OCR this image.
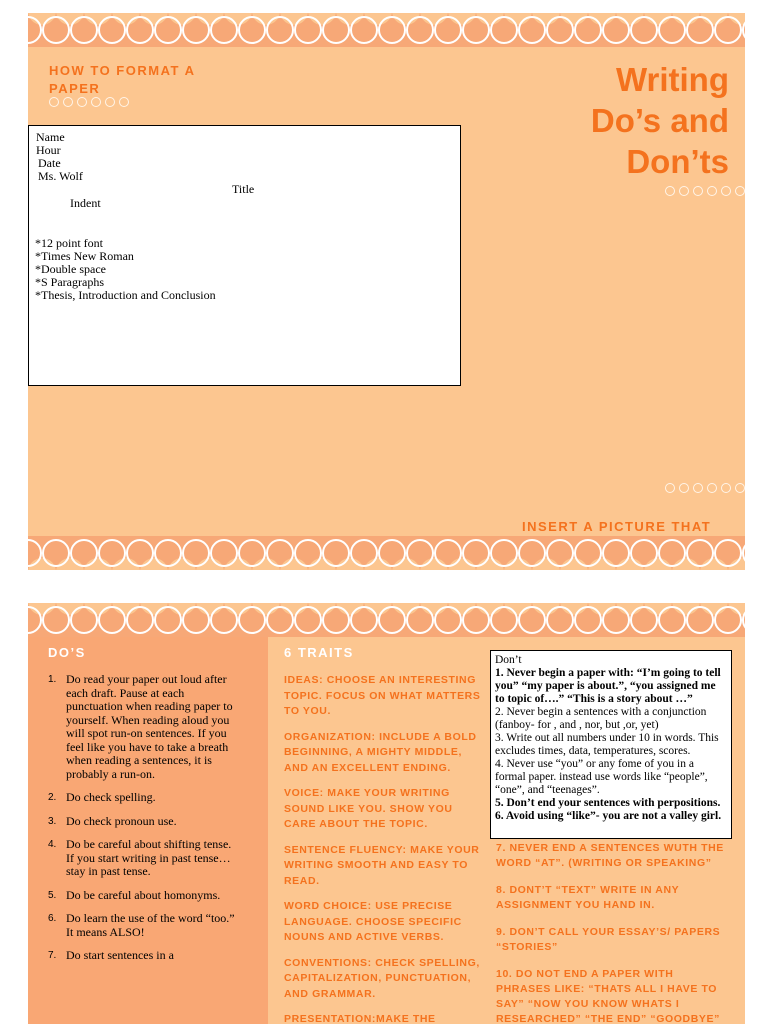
HOW TO FORMAT A PAPER	Writing
Do’s and
Don’ts
Name
Hour
Date
Ms. Wolf
Title
Indent
*12 point font
*Times New Roman
*Double space
*S Paragraphs
*Thesis, Introduction and Conclusion
INSERT A PICTURE THAT
DO’S
1. Do read your paper out loud after each draft. Pause at each punctuation when reading paper to yourself. When reading aloud you will spot run-on sentences. If you feel like you have to take a breath when reading a sentences, it is probably a run-on.
2. Do check spelling.
3. Do check pronoun use.
4. Do be careful about shifting tense. If you start writing in past tense…stay in past tense.
5. Do be careful about homonyms.
6. Do learn the use of the word “too.” It means ALSO!
7. Do start sentences in a
6 TRAITS
IDEAS: CHOOSE AN INTERESTING TOPIC. FOCUS ON WHAT MATTERS TO YOU.
ORGANIZATION: INCLUDE A BOLD BEGINNING, A MIGHTY MIDDLE, AND AN EXCELLENT ENDING.
VOICE: MAKE YOUR WRITING SOUND LIKE YOU. SHOW YOU CARE ABOUT THE TOPIC.
SENTENCE FLUENCY: MAKE YOUR WRITING SMOOTH AND EASY TO READ.
WORD CHOICE: USE PRECISE LANGUAGE. CHOOSE SPECIFIC NOUNS AND ACTIVE VERBS.
CONVENTIONS: CHECK SPELLING, CAPITALIZATION, PUNCTUATION, AND GRAMMAR.
PRESENTATION:MAKE THE
Don’t
1. Never begin a paper with: “I’m going to tell you” “my paper is about.”, “you assigned me to topic of….” “This is a story about …”
2. Never begin a sentences with a conjunction (fanboy- for , and , nor, but ,or, yet)
3. Write out all numbers under 10 in words. This excludes times, data, temperatures, scores.
4. Never use “you” or any fome of you in a formal paper. instead use words like “people”, “one”, and “teenages”.
5. Don’t end your sentences with perpositions.
6. Avoid using “like”- you are not a valley girl.
7. NEVER END A SENTENCES WUTH THE WORD “AT”. (WRITING OR SPEAKING”
8. DONT’T “TEXT” WRITE IN ANY ASSIGNMENT YOU HAND IN.
9. DON’T CALL YOUR ESSAY’S/ PAPERS “STORIES”
10. DO NOT END A PAPER WITH PHRASES LIKE: “THATS ALL I HAVE TO SAY” “NOW YOU KNOW WHATS I RESEARCHED” “THE END” “GOODBYE”
